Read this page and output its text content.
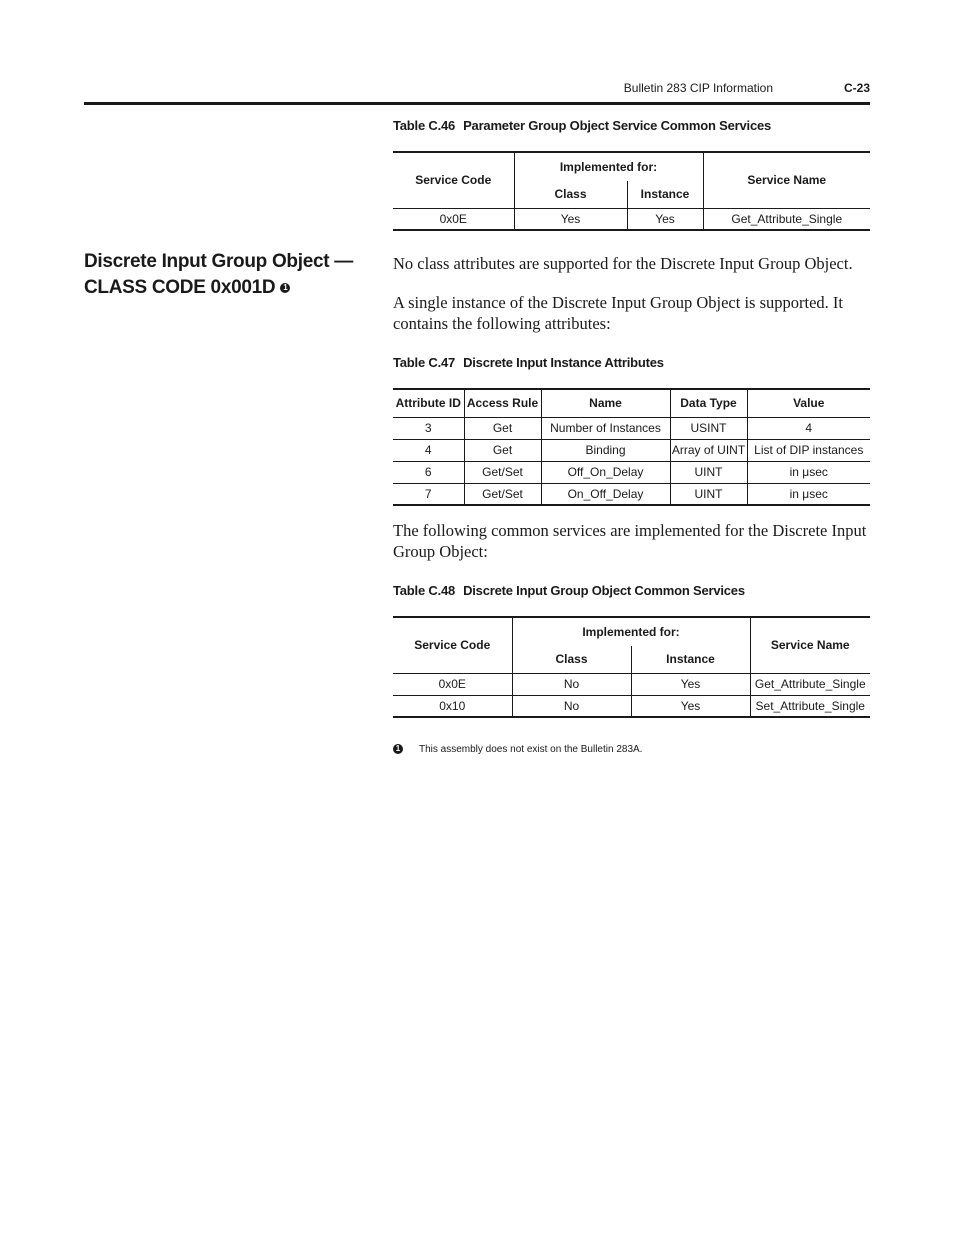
Bulletin 283 CIP Information	C-23
Table C.46 Parameter Group Object Service Common Services
Service Code	Implemented for:		Service Name
	Class	Instance	
0x0E	Yes	Yes	Get_Attribute_Single
Discrete Input Group Object —
CLASS CODE 0x001D 1
No class attributes are supported for the Discrete Input Group Object.
A single instance of the Discrete Input Group Object is supported. It contains the following attributes:
Table C.47 Discrete Input Instance Attributes
Attribute ID	Access Rule	Name	Data Type	Value
3	Get	Number of Instances	USINT	4
4	Get	Binding	Array of UINT	List of DIP instances
6	Get/Set	Off_On_Delay	UINT	in μsec
7	Get/Set	On_Off_Delay	UINT	in μsec
The following common services are implemented for the Discrete Input Group Object:
Table C.48 Discrete Input Group Object Common Services
Service Code	Implemented for:		Service Name
	Class	Instance	
0x0E	No	Yes	Get_Attribute_Single
0x10	No	Yes	Set_Attribute_Single
1 This assembly does not exist on the Bulletin 283A.
